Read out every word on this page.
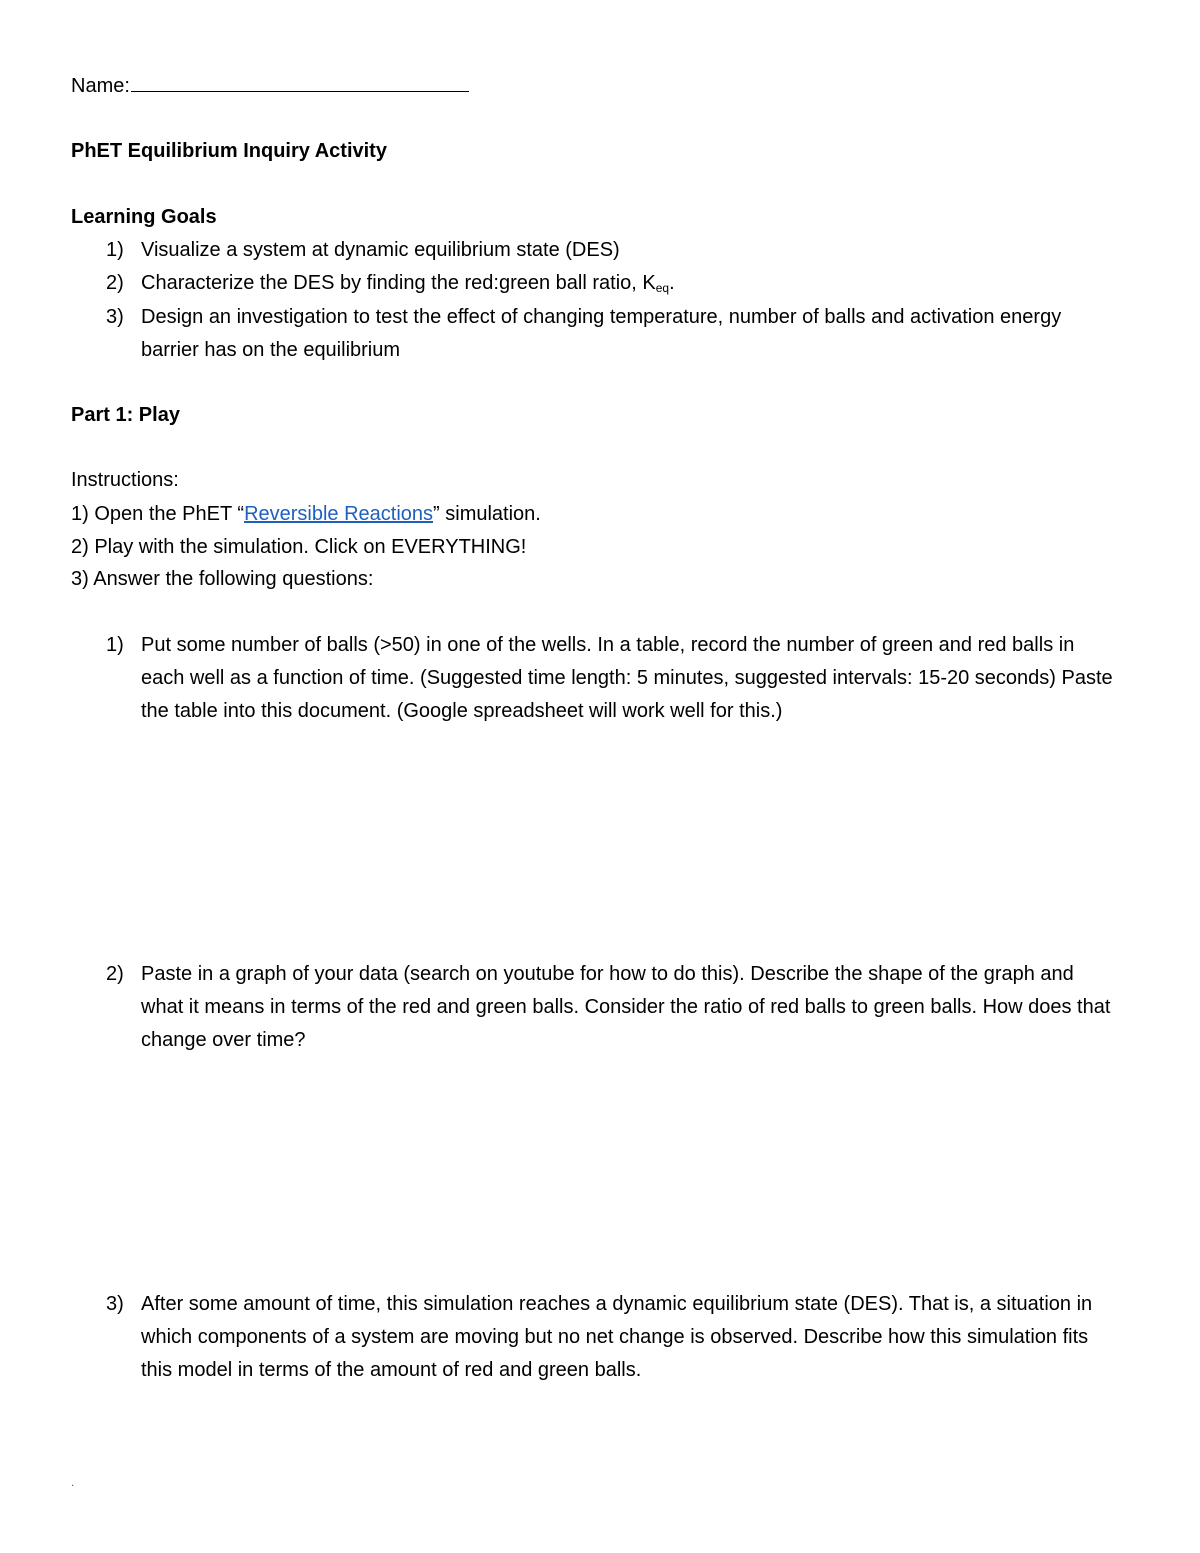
Name:
PhET Equilibrium Inquiry Activity
Learning Goals
1) Visualize a system at dynamic equilibrium state (DES)
2) Characterize the DES by finding the red:green ball ratio, $K_{eq}$.
3) Design an investigation to test the effect of changing temperature, number of balls and activation energy barrier has on the equilibrium
Part 1: Play
Instructions:
1) Open the PhET “Reversible Reactions” simulation.
2) Play with the simulation. Click on EVERYTHING!
3) Answer the following questions:
1) Put some number of balls (>50) in one of the wells. In a table, record the number of green and red balls in each well as a function of time. (Suggested time length: 5 minutes, suggested intervals: 15-20 seconds) Paste the table into this document. (Google spreadsheet will work well for this.)
2) Paste in a graph of your data (search on youtube for how to do this). Describe the shape of the graph and what it means in terms of the red and green balls. Consider the ratio of red balls to green balls. How does that change over time?
3) After some amount of time, this simulation reaches a dynamic equilibrium state (DES). That is, a situation in which components of a system are moving but no net change is observed. Describe how this simulation fits this model in terms of the amount of red and green balls.
.
